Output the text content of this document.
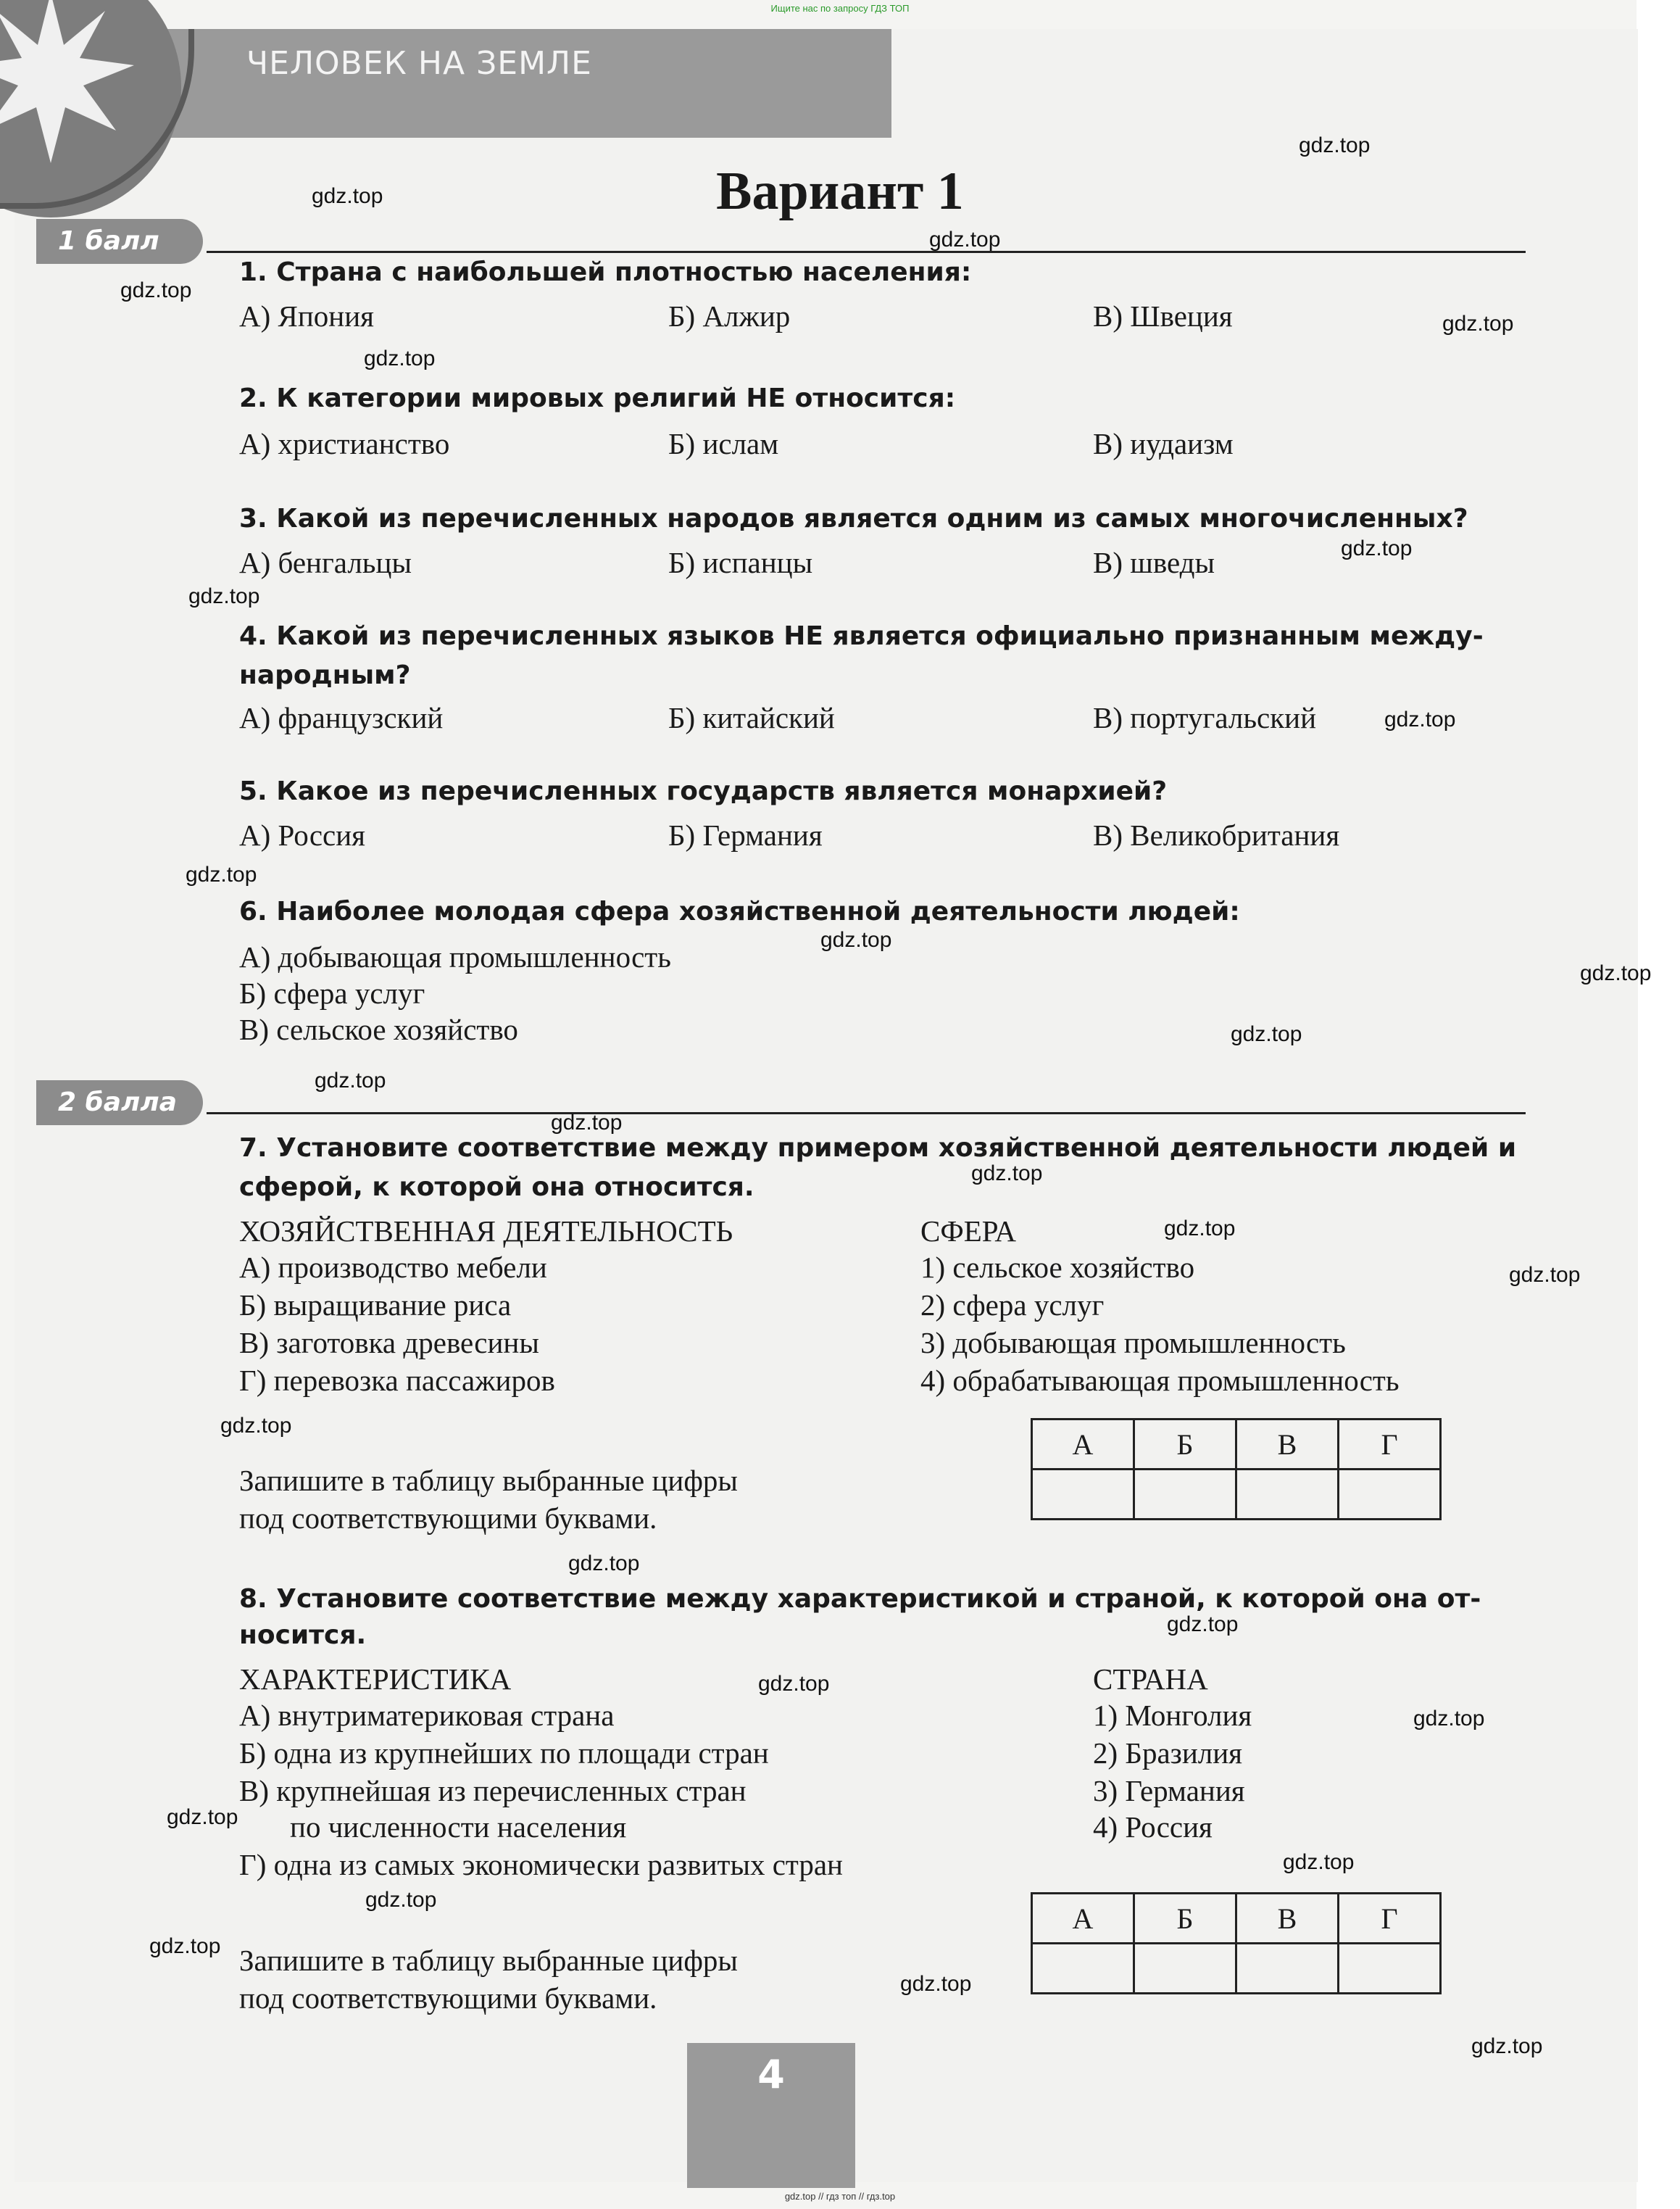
Ищите нас по запросу ГДЗ ТОП
ЧЕЛОВЕК НА ЗЕМЛЕ
Вариант 1
1 балл
1. Страна с наибольшей плотностью населения:
А) Япония	Б) Алжир	В) Швеция
2. К категории мировых религий НЕ относится:
А) христианство	Б) ислам	В) иудаизм
3. Какой из перечисленных народов является одним из самых многочисленных?
А) бенгальцы	Б) испанцы	В) шведы
4. Какой из перечисленных языков НЕ является официально признанным между-
народным?
А) французский	Б) китайский	В) португальский
5. Какое из перечисленных государств является монархией?
А) Россия	Б) Германия	В) Великобритания
6. Наиболее молодая сфера хозяйственной деятельности людей:
А) добывающая промышленность
Б) сфера услуг
В) сельское хозяйство
2 балла
7. Установите соответствие между примером хозяйственной деятельности людей и
сферой, к которой она относится.
ХОЗЯЙСТВЕННАЯ ДЕЯТЕЛЬНОСТЬ	СФЕРА
А) производство мебели
Б) выращивание риса
В) заготовка древесины
Г) перевозка пассажиров
1) сельское хозяйство
2) сфера услуг
3) добывающая промышленность
4) обрабатывающая промышленность
Запишите в таблицу выбранные цифры
под соответствующими буквами.
А	Б	В	Г

8. Установите соответствие между характеристикой и страной, к которой она от-
носится.
ХАРАКТЕРИСТИКА	СТРАНА
А) внутриматериковая страна
Б) одна из крупнейших по площади стран
В) крупнейшая из перечисленных стран
по численности населения
Г) одна из самых экономически развитых стран
1) Монголия
2) Бразилия
3) Германия
4) Россия
Запишите в таблицу выбранные цифры
под соответствующими буквами.
А	Б	В	Г

4
gdz.top
gdz.top
gdz.top
gdz.top
gdz.top
gdz.top
gdz.top
gdz.top
gdz.top
gdz.top
gdz.top
gdz.top
gdz.top
gdz.top
gdz.top
gdz.top
gdz.top
gdz.top
gdz.top
gdz.top
gdz.top
gdz.top
gdz.top
gdz.top
gdz.top
gdz.top
gdz.top
gdz.top
gdz.top
gdz.top // гдз топ // гдз.top
